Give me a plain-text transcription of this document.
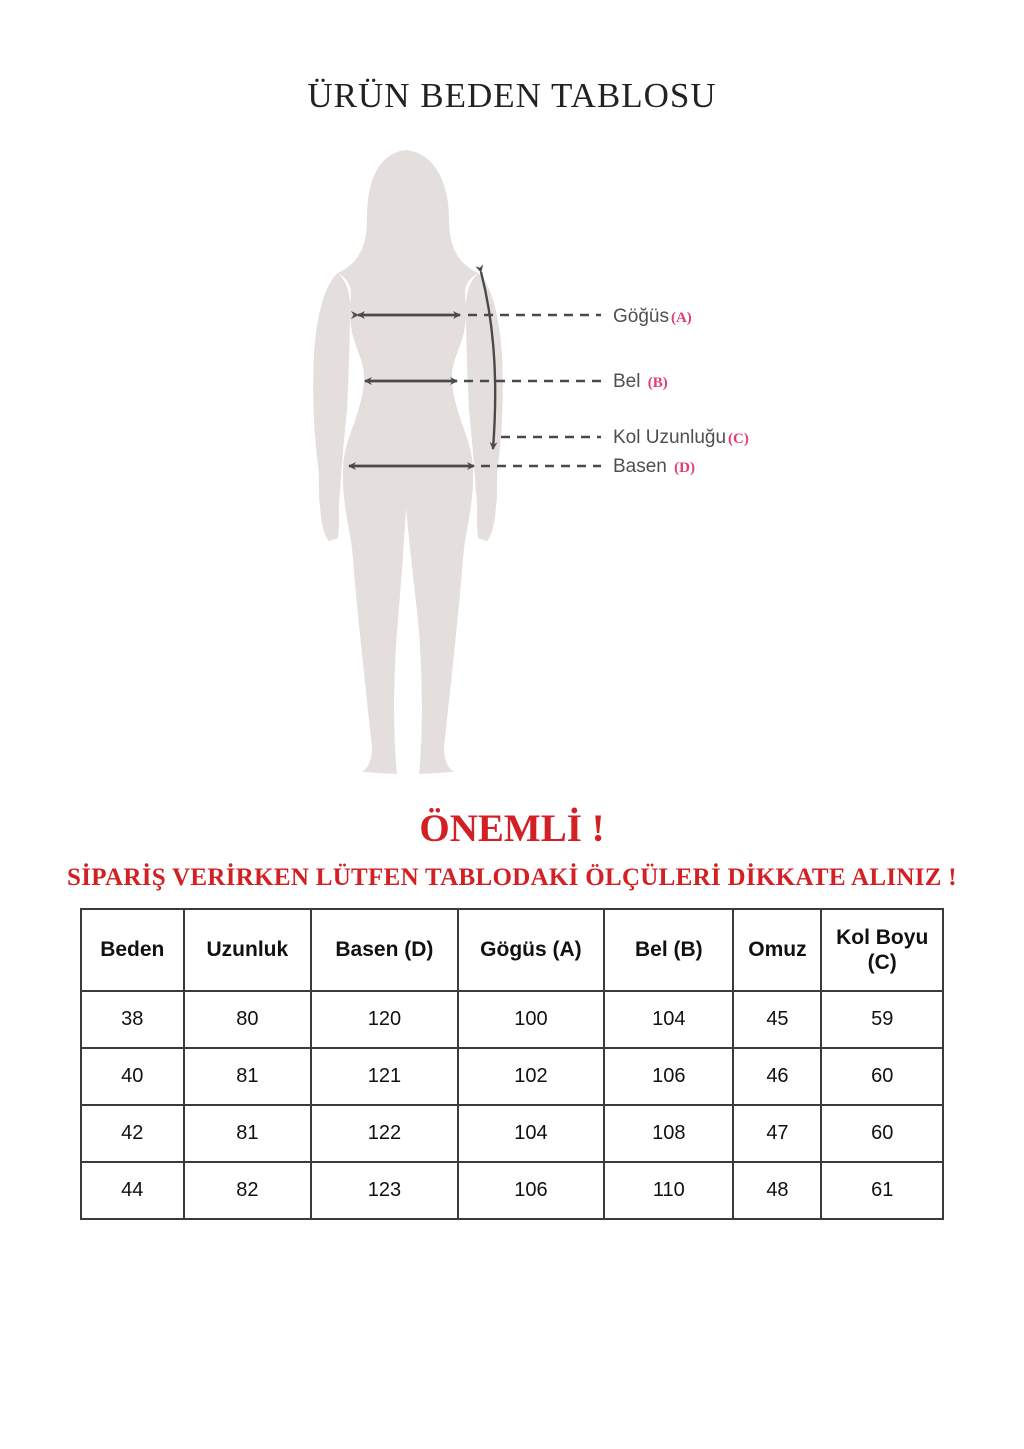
ÜRÜN BEDEN TABLOSU
Göğüs (A)
Bel (B)
Kol Uzunluğu (C)
Basen (D)
ÖNEMLİ !
SİPARİŞ VERİRKEN LÜTFEN TABLODAKİ ÖLÇÜLERİ DİKKATE ALINIZ !
Beden	Uzunluk	Basen (D)	Gögüs (A)	Bel (B)	Omuz	Kol Boyu (C)
38	80	120	100	104	45	59
40	81	121	102	106	46	60
42	81	122	104	108	47	60
44	82	123	106	110	48	61
